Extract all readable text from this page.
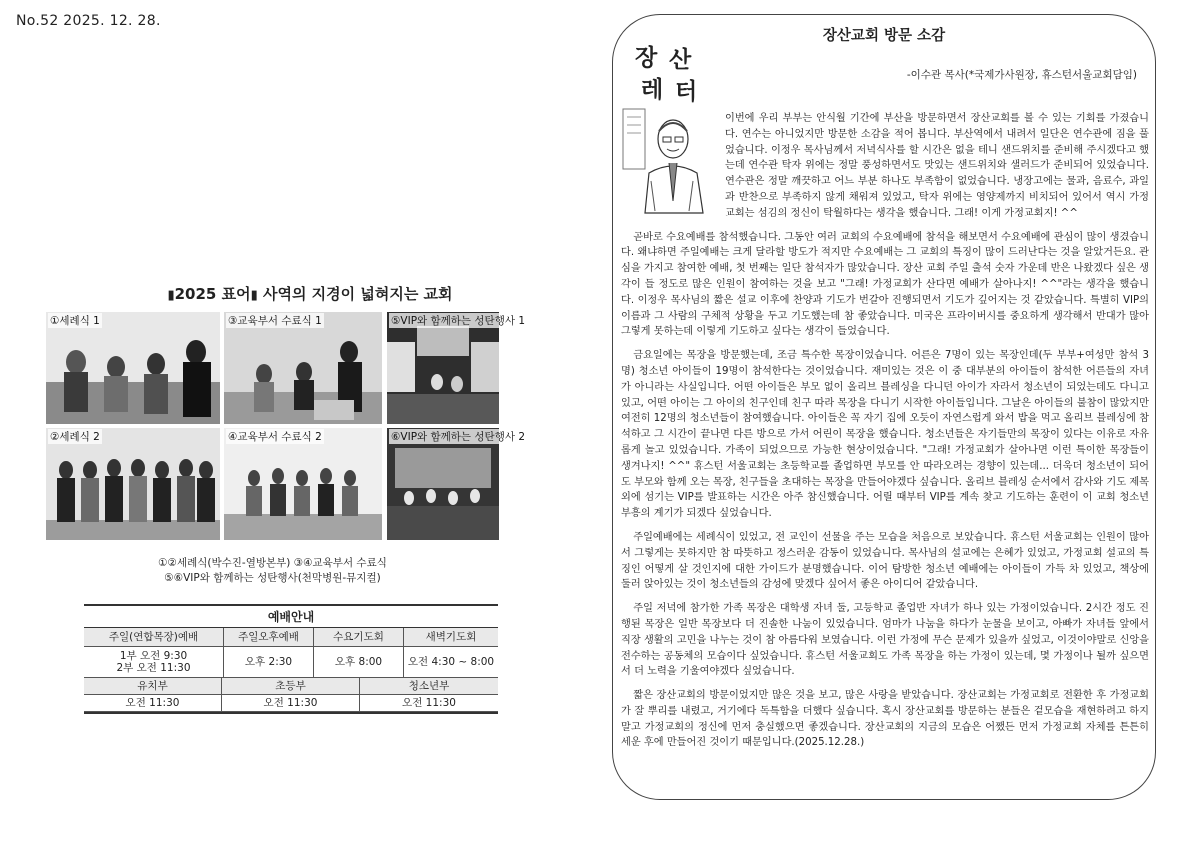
No.52 2025. 12. 28.
▮2025 표어▮ 사역의 지경이 넓혀지는 교회
①세례식 1	③교육부서 수료식 1	⑤VIP와 함께하는 성탄행사 1
②세례식 2	④교육부서 수료식 2	⑥VIP와 함께하는 성탄행사 2
①②세례식(박수진-열방본부) ③④교육부서 수료식
⑤⑥VIP와 함께하는 성탄행사(천막병원-뮤지컬)
예배안내
주일(연합목장)예배	주일오후예배	수요기도회	새벽기도회
1부 오전 9:30
2부 오전 11:30	오후 2:30	오후 8:00	오전 4:30 ~ 8:00
유치부	초등부	청소년부
오전 11:30	오전 11:30	오전 11:30
장산교회 방문 소감
장 산
레 터
-이수관 목사(*국제가사원장, 휴스턴서울교회담임)

이번에 우리 부부는 안식월 기간에 부산을 방문하면서 장산교회를 볼 수 있는 기회를 가졌습니다. 연수는 아니었지만 방문한 소감을 적어 봅니다. 부산역에서 내려서 일단은 연수관에 짐을 풀었습니다. 이정우 목사님께서 저녁식사를 할 시간은 없을 테니 샌드위치를 준비해 주시겠다고 했는데 연수관 탁자 위에는 정말 풍성하면서도 맛있는 샌드위치와 샐러드가 준비되어 있었습니다. 연수관은 정말 깨끗하고 어느 부분 하나도 부족함이 없었습니다. 냉장고에는 물과, 음료수, 과일과 반찬으로 부족하지 않게 채워져 있었고, 탁자 위에는 영양제까지 비치되어 있어서 역시 가정교회는 섬김의 정신이 탁월하다는 생각을 했습니다. 그래! 이게 가정교회지! ^^

곧바로 수요예배를 참석했습니다. 그동안 여러 교회의 수요예배에 참석을 해보면서 수요예배에 관심이 많이 생겼습니다. 왜냐하면 주일예배는 크게 달라할 방도가 적지만 수요예배는 그 교회의 특징이 많이 드러난다는 것을 알았거든요. 관심을 가지고 참여한 예배, 첫 번째는 일단 참석자가 많았습니다. 장산 교회 주일 출석 숫자 가운데 반은 나왔겠다 싶은 생각이 들 정도로 많은 인원이 참여하는 것을 보고 "그래! 가정교회가 산다면 예배가 살아나지! ^^"라는 생각을 했습니다. 이정우 목사님의 짧은 설교 이후에 찬양과 기도가 번갈아 진행되면서 기도가 깊어지는 것 같았습니다. 특별히 VIP의 이름과 그 사람의 구체적 상황을 두고 기도했는데 참 좋았습니다. 미국은 프라이버시를 중요하게 생각해서 반대가 많아 그렇게 못하는데 이렇게 기도하고 싶다는 생각이 들었습니다.

금요일에는 목장을 방문했는데, 조금 특수한 목장이었습니다. 어른은 7명이 있는 목장인데(두 부부+여성만 참석 3명) 청소년 아이들이 19명이 참석한다는 것이었습니다. 재미있는 것은 이 중 대부분의 아이들이 참석한 어른들의 자녀가 아니라는 사실입니다. 어떤 아이들은 부모 없이 올리브 블레싱을 다니던 아이가 자라서 청소년이 되었는데도 다니고 있고, 어떤 아이는 그 아이의 친구인데 친구 따라 목장을 다니기 시작한 아이들입니다. 그날은 아이들의 불참이 많았지만 여전히 12명의 청소년들이 참여했습니다. 아이들은 꼭 자기 집에 오듯이 자연스럽게 와서 밥을 먹고 올리브 블레싱에 참석하고 그 시간이 끝나면 다른 방으로 가서 어린이 목장을 했습니다. 청소년들은 자기들만의 목장이 있다는 이유로 자유롭게 놀고 있었습니다. 가족이 되었으므로 가능한 현상이었습니다. "그래! 가정교회가 살아나면 이런 특이한 목장들이 생겨나지! ^^" 휴스턴 서울교회는 초등학교를 졸업하면 부모를 안 따라오려는 경향이 있는데... 더욱더 청소년이 되어도 부모와 함께 오는 목장, 친구들을 초대하는 목장을 만들어야겠다 싶습니다. 올리브 블레싱 순서에서 감사와 기도 제목 외에 섬기는 VIP를 발표하는 시간은 아주 참신했습니다. 어릴 때부터 VIP를 계속 찾고 기도하는 훈련이 이 교회 청소년 부흥의 계기가 되겠다 싶었습니다.

주일예배에는 세례식이 있었고, 전 교인이 선물을 주는 모습을 처음으로 보았습니다. 휴스턴 서울교회는 인원이 많아서 그렇게는 못하지만 참 따뜻하고 정스러운 감동이 있었습니다. 목사님의 설교에는 은혜가 있었고, 가정교회 설교의 특징인 어떻게 살 것인지에 대한 가이드가 분명했습니다. 이어 탐방한 청소년 예배에는 아이들이 가득 차 있었고, 책상에 둘러 앉아있는 것이 청소년들의 감성에 맞겠다 싶어서 좋은 아이디어 같았습니다.

주일 저녁에 참가한 가족 목장은 대학생 자녀 둘, 고등학교 졸업반 자녀가 하나 있는 가정이었습니다. 2시간 정도 진행된 목장은 일반 목장보다 더 진솔한 나눔이 있었습니다. 엄마가 나눔을 하다가 눈물을 보이고, 아빠가 자녀들 앞에서 직장 생활의 고민을 나누는 것이 참 아름다워 보였습니다. 이런 가정에 무슨 문제가 있을까 싶었고, 이것이야말로 신앙을 전수하는 공동체의 모습이다 싶었습니다. 휴스턴 서울교회도 가족 목장을 하는 가정이 있는데, 몇 가정이나 될까 싶으면서 더 노력을 기울여야겠다 싶었습니다.

짧은 장산교회의 방문이었지만 많은 것을 보고, 많은 사랑을 받았습니다. 장산교회는 가정교회로 전환한 후 가정교회가 잘 뿌리를 내렸고, 거기에다 독특함을 더했다 싶습니다. 혹시 장산교회를 방문하는 분들은 겉모습을 재현하려고 하지말고 가정교회의 정신에 먼저 충실했으면 좋겠습니다. 장산교회의 지금의 모습은 어쨌든 먼저 가정교회 자체를 튼튼히 세운 후에 만들어진 것이기 때문입니다.(2025.12.28.)
